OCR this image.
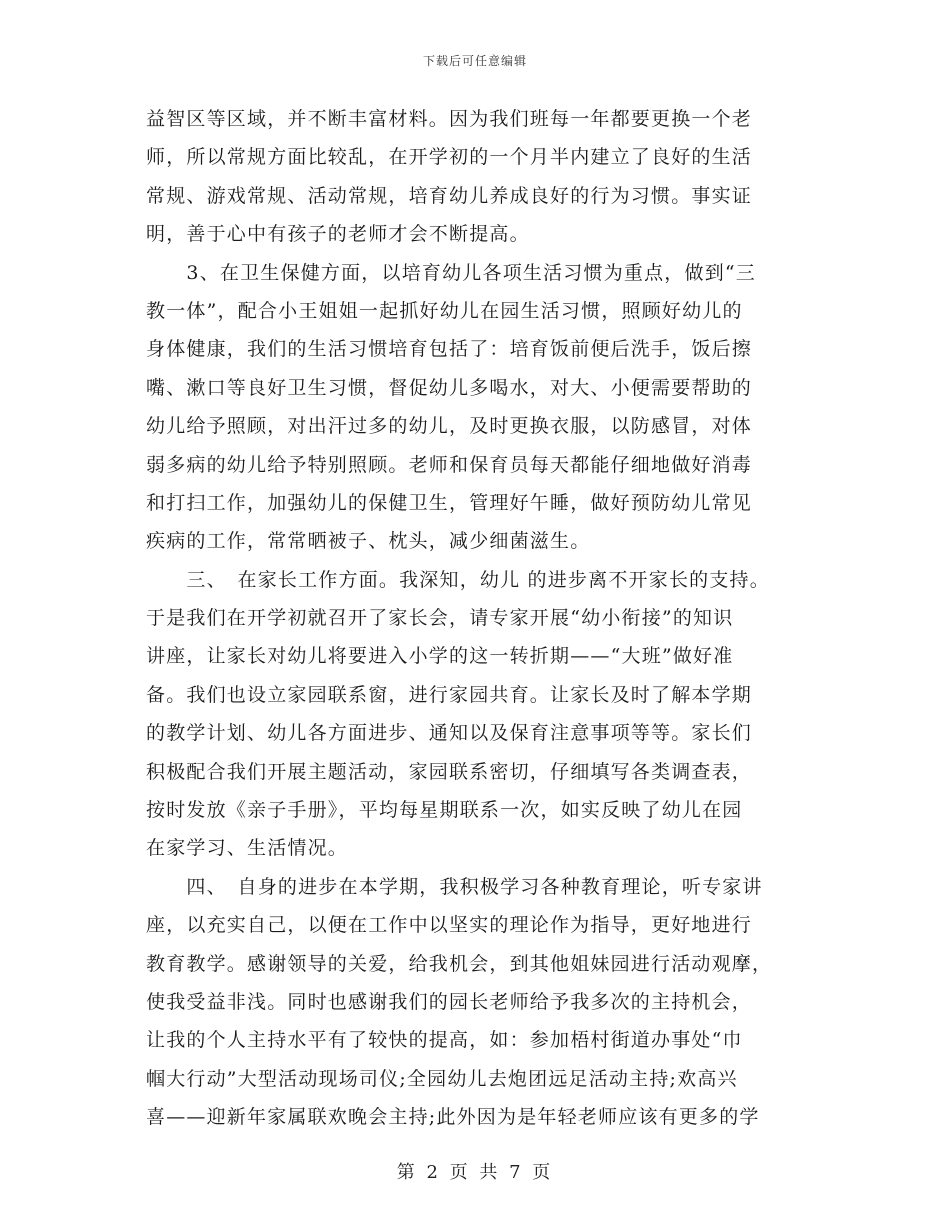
下载后可任意编辑
益智区等区域，并不断丰富材料。因为我们班每一年都要更换一个老
师，所以常规方面比较乱，在开学初的一个月半内建立了良好的生活
常规、游戏常规、活动常规，培育幼儿养成良好的行为习惯。事实证
明，善于心中有孩子的老师才会不断提高。
　　3、在卫生保健方面，以培育幼儿各项生活习惯为重点，做到“三
教一体”，配合小王姐姐一起抓好幼儿在园生活习惯，照顾好幼儿的
身体健康，我们的生活习惯培育包括了：培育饭前便后洗手，饭后擦
嘴、漱口等良好卫生习惯，督促幼儿多喝水，对大、小便需要帮助的
幼儿给予照顾，对出汗过多的幼儿，及时更换衣服，以防感冒，对体
弱多病的幼儿给予特别照顾。老师和保育员每天都能仔细地做好消毒
和打扫工作，加强幼儿的保健卫生，管理好午睡，做好预防幼儿常见
疾病的工作，常常晒被子、枕头，减少细菌滋生。
　　三、　在家长工作方面。我深知，幼儿 的进步离不开家长的支持。
于是我们在开学初就召开了家长会，请专家开展“幼小衔接”的知识
讲座，让家长对幼儿将要进入小学的这一转折期——“大班”做好准
备。我们也设立家园联系窗，进行家园共育。让家长及时了解本学期
的教学计划、幼儿各方面进步、通知以及保育注意事项等等。家长们
积极配合我们开展主题活动，家园联系密切，仔细填写各类调查表，
按时发放《亲子手册》，平均每星期联系一次，如实反映了幼儿在园
在家学习、生活情况。
　　四、　自身的进步在本学期，我积极学习各种教育理论，听专家讲
座，以充实自己，以便在工作中以坚实的理论作为指导，更好地进行
教育教学。感谢领导的关爱，给我机会，到其他姐妹园进行活动观摩，
使我受益非浅。同时也感谢我们的园长老师给予我多次的主持机会，
让我的个人主持水平有了较快的提高，如：参加梧村街道办事处“巾
帼大行动”大型活动现场司仪;全园幼儿去炮团远足活动主持;欢高兴
喜——迎新年家属联欢晚会主持;此外因为是年轻老师应该有更多的学
第 2 页 共 7 页
